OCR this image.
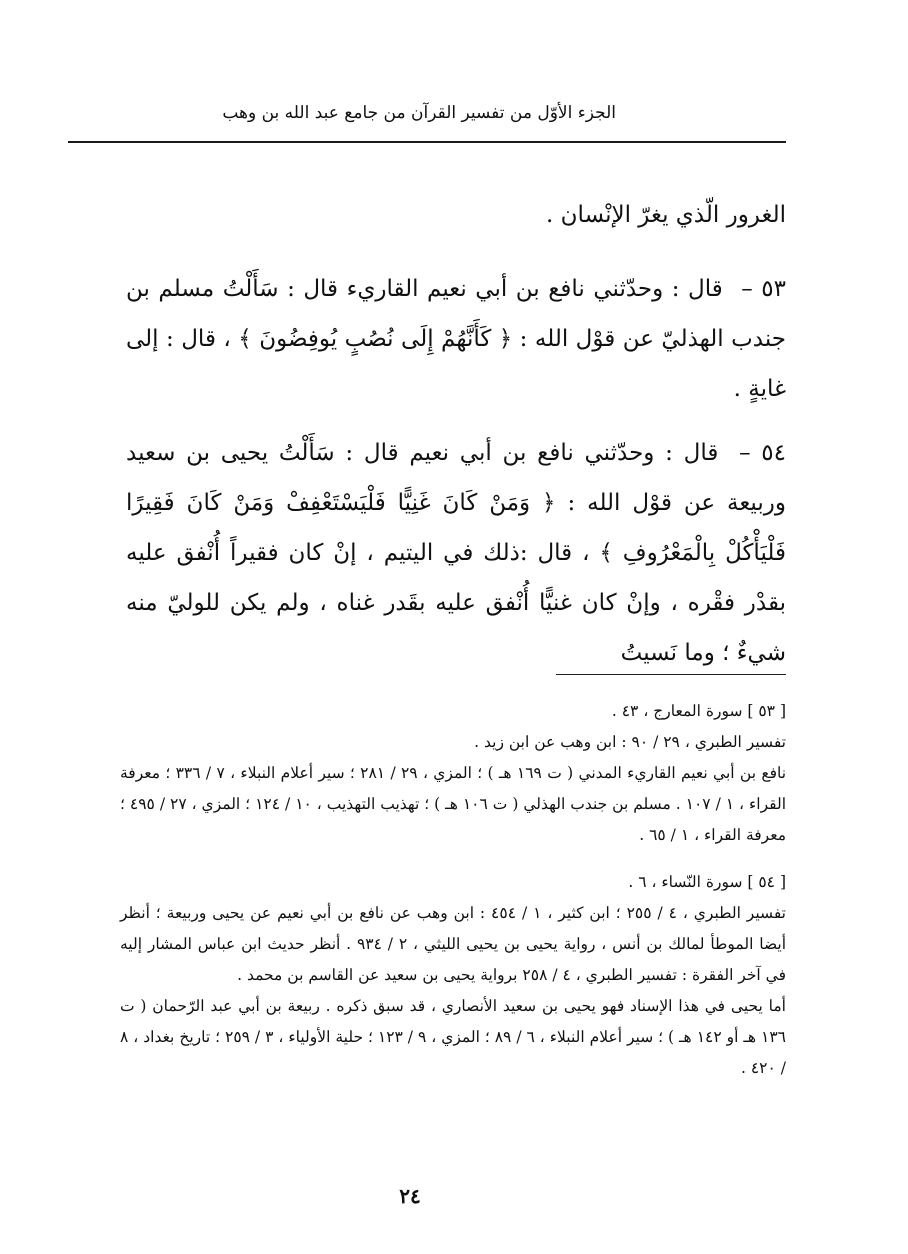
الجزء الأوّل من تفسير القرآن من جامع عبد الله بن وهب

الغرور الّذي يغرّ الإنْسان .

٥٣ – قال : وحدّثني نافع بن أبي نعيم القاريء قال : سَأَلْتُ مسلم بن جندب الهذليّ عن قوْل الله : ﴿ كَأَنَّهُمْ إِلَى نُصُبٍ يُوفِضُونَ ﴾ ، قال : إلى غايةٍ .

٥٤ – قال : وحدّثني نافع بن أبي نعيم قال : سَأَلْتُ يحيى بن سعيد وربيعة عن قوْل الله : ﴿ وَمَنْ كَانَ غَنِيًّا فَلْيَسْتَعْفِفْ وَمَنْ كَانَ فَقِيرًا فَلْيَأْكُلْ بِالْمَعْرُوفِ ﴾ ، قال :ذلك في اليتيم ، إنْ كان فقيراً أُنْفق عليه بقدْر فقْره ، وإنْ كان غنيًّا أُنْفق عليه بقَدر غناه ، ولم يكن للوليّ منه شيءٌ ؛ وما نَسيتُ

[ ٥٣ ] سورة المعارج ، ٤٣ .

تفسير الطبري ، ٢٩ / ٩٠ : ابن وهب عن ابن زيد .

نافع بن أبي نعيم القاريء المدني ( ت ١٦٩ هـ ) ؛ المزي ، ٢٩ / ٢٨١ ؛ سير أعلام النبلاء ، ٧ / ٣٣٦ ؛ معرفة القراء ، ١ / ١٠٧ . مسلم بن جندب الهذلي ( ت ١٠٦ هـ ) ؛ تهذيب التهذيب ، ١٠ / ١٢٤ ؛ المزي ، ٢٧ / ٤٩٥ ؛ معرفة القراء ، ١ / ٦٥ .

[ ٥٤ ] سورة النّساء ، ٦ .

تفسير الطبري ، ٤ / ٢٥٥ ؛ ابن كثير ، ١ / ٤٥٤ : ابن وهب عن نافع بن أبي نعيم عن يحيى وربيعة ؛ أنظر أيضا الموطأ لمالك بن أنس ، رواية يحيى بن يحيى الليثي ، ٢ / ٩٣٤ . أنظر حديث ابن عباس المشار إليه في آخر الفقرة : تفسير الطبري ، ٤ / ٢٥٨ برواية يحيى بن سعيد عن القاسم بن محمد .

أما يحيى في هذا الإسناد فهو يحيى بن سعيد الأنصاري ، قد سبق ذكره . ربيعة بن أبي عبد الرّحمان ( ت ١٣٦ هـ أو ١٤٢ هـ ) ؛ سير أعلام النبلاء ، ٦ / ٨٩ ؛ المزي ، ٩ / ١٢٣ ؛ حلية الأولياء ، ٣ / ٢٥٩ ؛ تاريخ بغداد ، ٨ / ٤٢٠ .

٢٤
